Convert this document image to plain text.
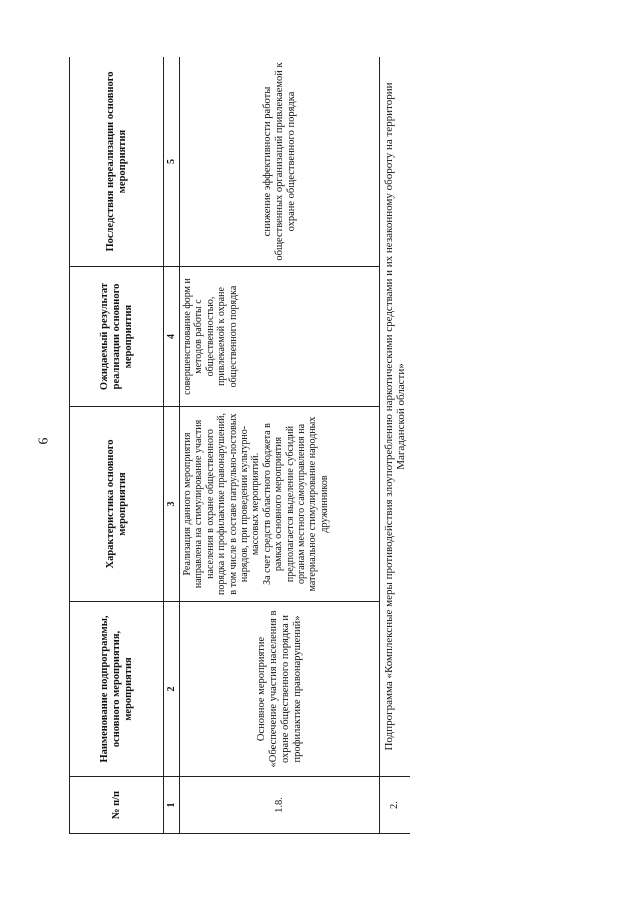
9
№ п/п	Наименование подпрограммы, основного мероприятия, мероприятия	Характеристика основного мероприятия	Ожидаемый результат реализации основного мероприятия	Последствия нереализации основного мероприятия
1	2	3	4	5
1.8.	Основное мероприятие «Обеспечение участия населения в охране общественного порядка и профилактике правонарушений»	Реализация данного мероприятия направлена на стимулирование участия населения в охране общественного порядка и профилактике правонарушений, в том числе в составе патрульно-постовых нарядов, при проведении культурно-массовых мероприятий. За счет средств областного бюджета в рамках основного мероприятия предполагается выделение субсидий органам местного самоуправления на материальное стимулирование народных дружинников	совершенствование форм и методов работы с общественностью, привлекаемой к охране общественного порядка	снижение эффективности работы общественных организаций привлекаемой к охране общественного порядка
2.	Подпрограмма «Комплексные меры противодействия злоупотреблению наркотическими средствами и их незаконному обороту на территории Магаданской области»			
